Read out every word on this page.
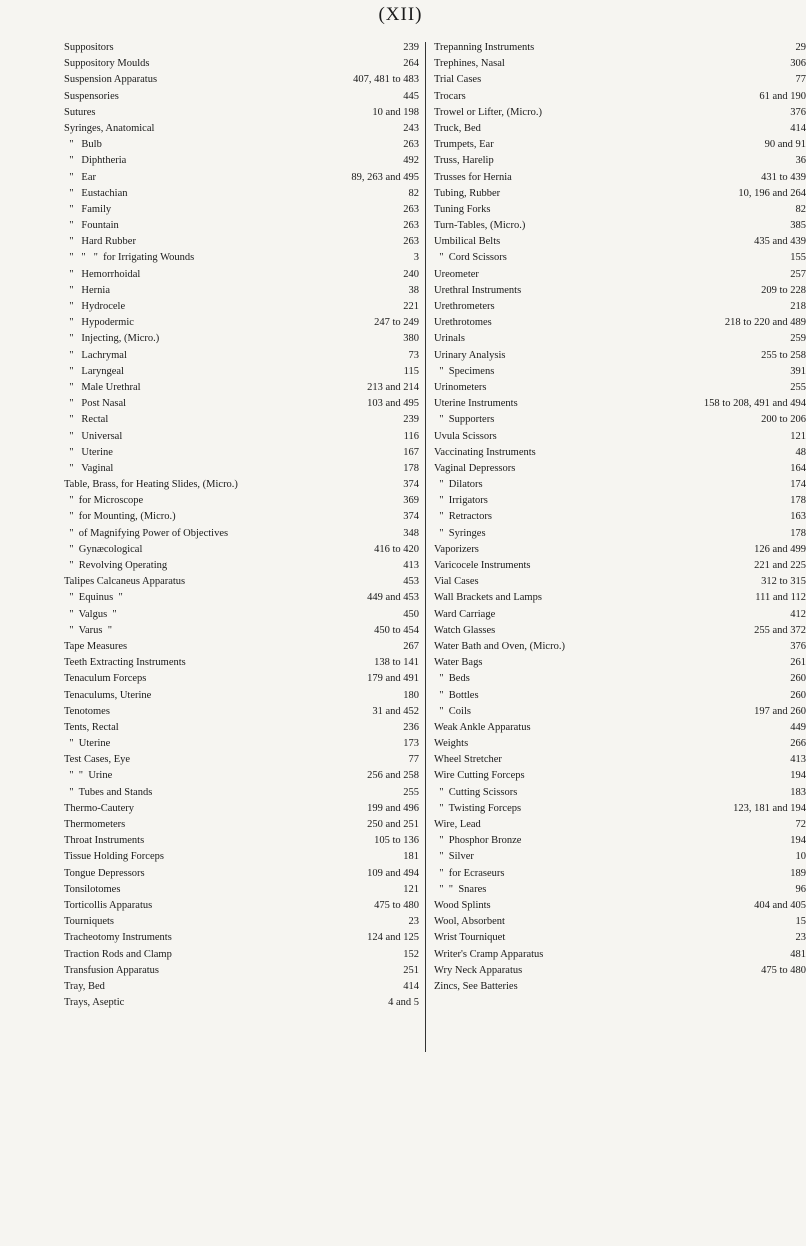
(XII)
Suppositors	239
Suppository Moulds	264
Suspension Apparatus	407, 481 to 483
Suspensories	445
Sutures	10 and 198
Syringes, Anatomical	243
"   Bulb	263
"   Diphtheria	492
"   Ear	89, 263 and 495
"   Eustachian	82
"   Family	263
"   Fountain	263
"   Hard Rubber	263
"   "   "  for Irrigating Wounds	3
"   Hemorrhoidal	240
"   Hernia	38
"   Hydrocele	221
"   Hypodermic	247 to 249
"   Injecting, (Micro.)	380
"   Lachrymal	73
"   Laryngeal	115
"   Male Urethral	213 and 214
"   Post Nasal	103 and 495
"   Rectal	239
"   Universal	116
"   Uterine	167
"   Vaginal	178
Table, Brass, for Heating Slides, (Micro.)	374
"  for Microscope	369
"  for Mounting, (Micro.)	374
"  of Magnifying Power of Objectives	348
"  Gynæcological	416 to 420
"  Revolving Operating	413
Talipes Calcaneus Apparatus	453
"  Equinus  "	449 and 453
"  Valgus  "	450
"  Varus  "	450 to 454
Tape Measures	267
Teeth Extracting Instruments	138 to 141
Tenaculum Forceps	179 and 491
Tenaculums, Uterine	180
Tenotomes	31 and 452
Tents, Rectal	236
"  Uterine	173
Test Cases, Eye	77
"  "  Urine	256 and 258
"  Tubes and Stands	255
Thermo-Cautery	199 and 496
Thermometers	250 and 251
Throat Instruments	105 to 136
Tissue Holding Forceps	181
Tongue Depressors	109 and 494
Tonsilotomes	121
Torticollis Apparatus	475 to 480
Tourniquets	23
Tracheotomy Instruments	124 and 125
Traction Rods and Clamp	152
Transfusion Apparatus	251
Tray, Bed	414
Trays, Aseptic	4 and 5
Trepanning Instruments	29
Trephines, Nasal	306
Trial Cases	77
Trocars	61 and 190
Trowel or Lifter, (Micro.)	376
Truck, Bed	414
Trumpets, Ear	90 and 91
Truss, Harelip	36
Trusses for Hernia	431 to 439
Tubing, Rubber	10, 196 and 264
Tuning Forks	82
Turn-Tables, (Micro.)	385
Umbilical Belts	435 and 439
"  Cord Scissors	155
Ureometer	257
Urethral Instruments	209 to 228
Urethrometers	218
Urethrotomes	218 to 220 and 489
Urinals	259
Urinary Analysis	255 to 258
"  Specimens	391
Urinometers	255
Uterine Instruments	158 to 208, 491 and 494
"  Supporters	200 to 206
Uvula Scissors	121
Vaccinating Instruments	48
Vaginal Depressors	164
"  Dilators	174
"  Irrigators	178
"  Retractors	163
"  Syringes	178
Vaporizers	126 and 499
Varicocele Instruments	221 and 225
Vial Cases	312 to 315
Wall Brackets and Lamps	111 and 112
Ward Carriage	412
Watch Glasses	255 and 372
Water Bath and Oven, (Micro.)	376
Water Bags	261
"  Beds	260
"  Bottles	260
"  Coils	197 and 260
Weak Ankle Apparatus	449
Weights	266
Wheel Stretcher	413
Wire Cutting Forceps	194
"  Cutting Scissors	183
"  Twisting Forceps	123, 181 and 194
Wire, Lead	72
"  Phosphor Bronze	194
"  Silver	10
"  for Ecraseurs	189
"  "  Snares	96
Wood Splints	404 and 405
Wool, Absorbent	15
Wrist Tourniquet	23
Writer's Cramp Apparatus	481
Wry Neck Apparatus	475 to 480
Zincs, See Batteries
